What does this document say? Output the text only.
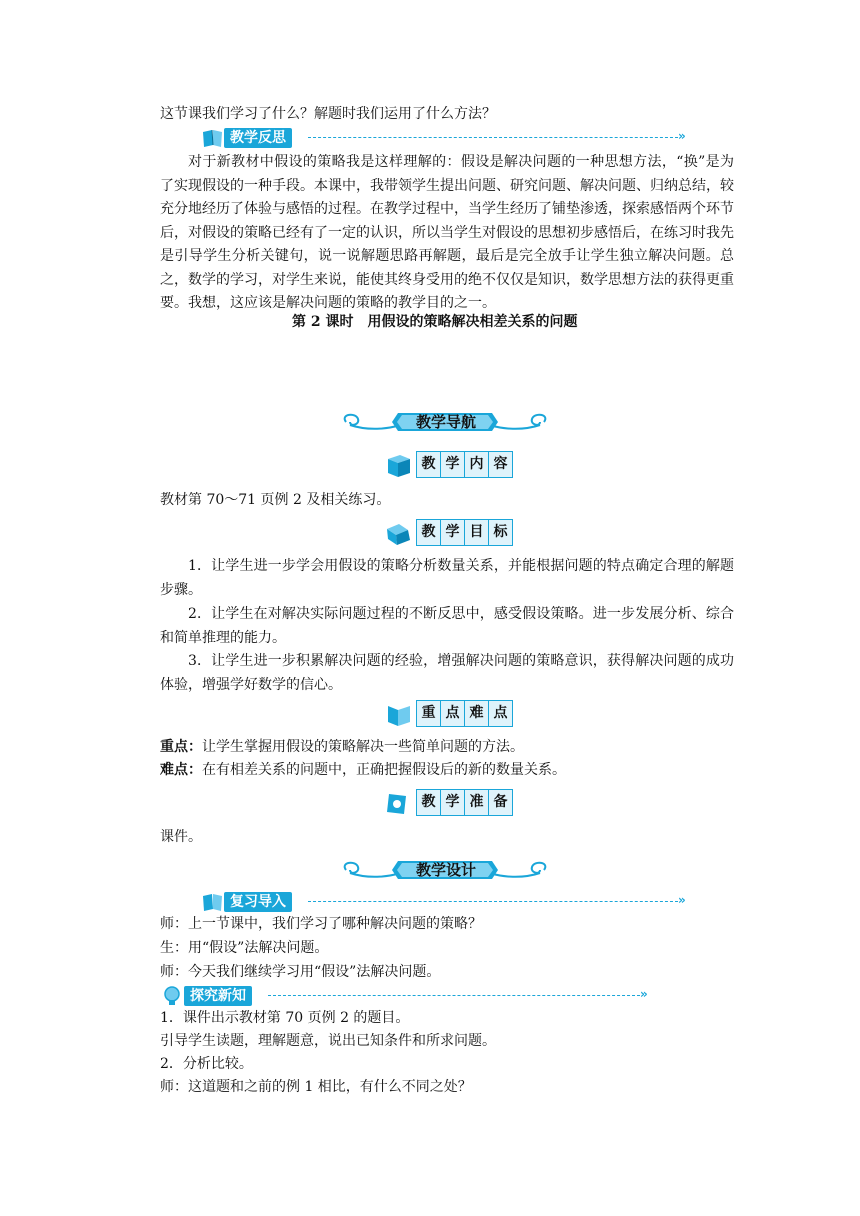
这节课我们学习了什么？解题时我们运用了什么方法？
教学反思	»
对于新教材中假设的策略我是这样理解的：假设是解决问题的一种思想方法，“换”是为了实现假设的一种手段。本课中，我带领学生提出问题、研究问题、解决问题、归纳总结，较充分地经历了体验与感悟的过程。在教学过程中，当学生经历了铺垫渗透，探索感悟两个环节后，对假设的策略已经有了一定的认识，所以当学生对假设的思想初步感悟后，在练习时我先是引导学生分析关键句，说一说解题思路再解题，最后是完全放手让学生独立解决问题。总之，数学的学习，对学生来说，能使其终身受用的绝不仅仅是知识，数学思想方法的获得更重要。我想，这应该是解决问题的策略的教学目的之一。
第 2 课时　用假设的策略解决相差关系的问题
教学导航
教 学 内 容
教材第 70～71 页例 2 及相关练习。
教 学 目 标
1．让学生进一步学会用假设的策略分析数量关系，并能根据问题的特点确定合理的解题步骤。
2．让学生在对解决实际问题过程的不断反思中，感受假设策略。进一步发展分析、综合和简单推理的能力。
3．让学生进一步积累解决问题的经验，增强解决问题的策略意识，获得解决问题的成功体验，增强学好数学的信心。
重 点 难 点
重点：让学生掌握用假设的策略解决一些简单问题的方法。
难点：在有相差关系的问题中，正确把握假设后的新的数量关系。
教 学 准 备
课件。
教学设计
复习导入	»
师：上一节课中，我们学习了哪种解决问题的策略？
生：用“假设”法解决问题。
师：今天我们继续学习用“假设”法解决问题。
探究新知	»
1．课件出示教材第 70 页例 2 的题目。
引导学生读题，理解题意，说出已知条件和所求问题。
2．分析比较。
师：这道题和之前的例 1 相比，有什么不同之处？
